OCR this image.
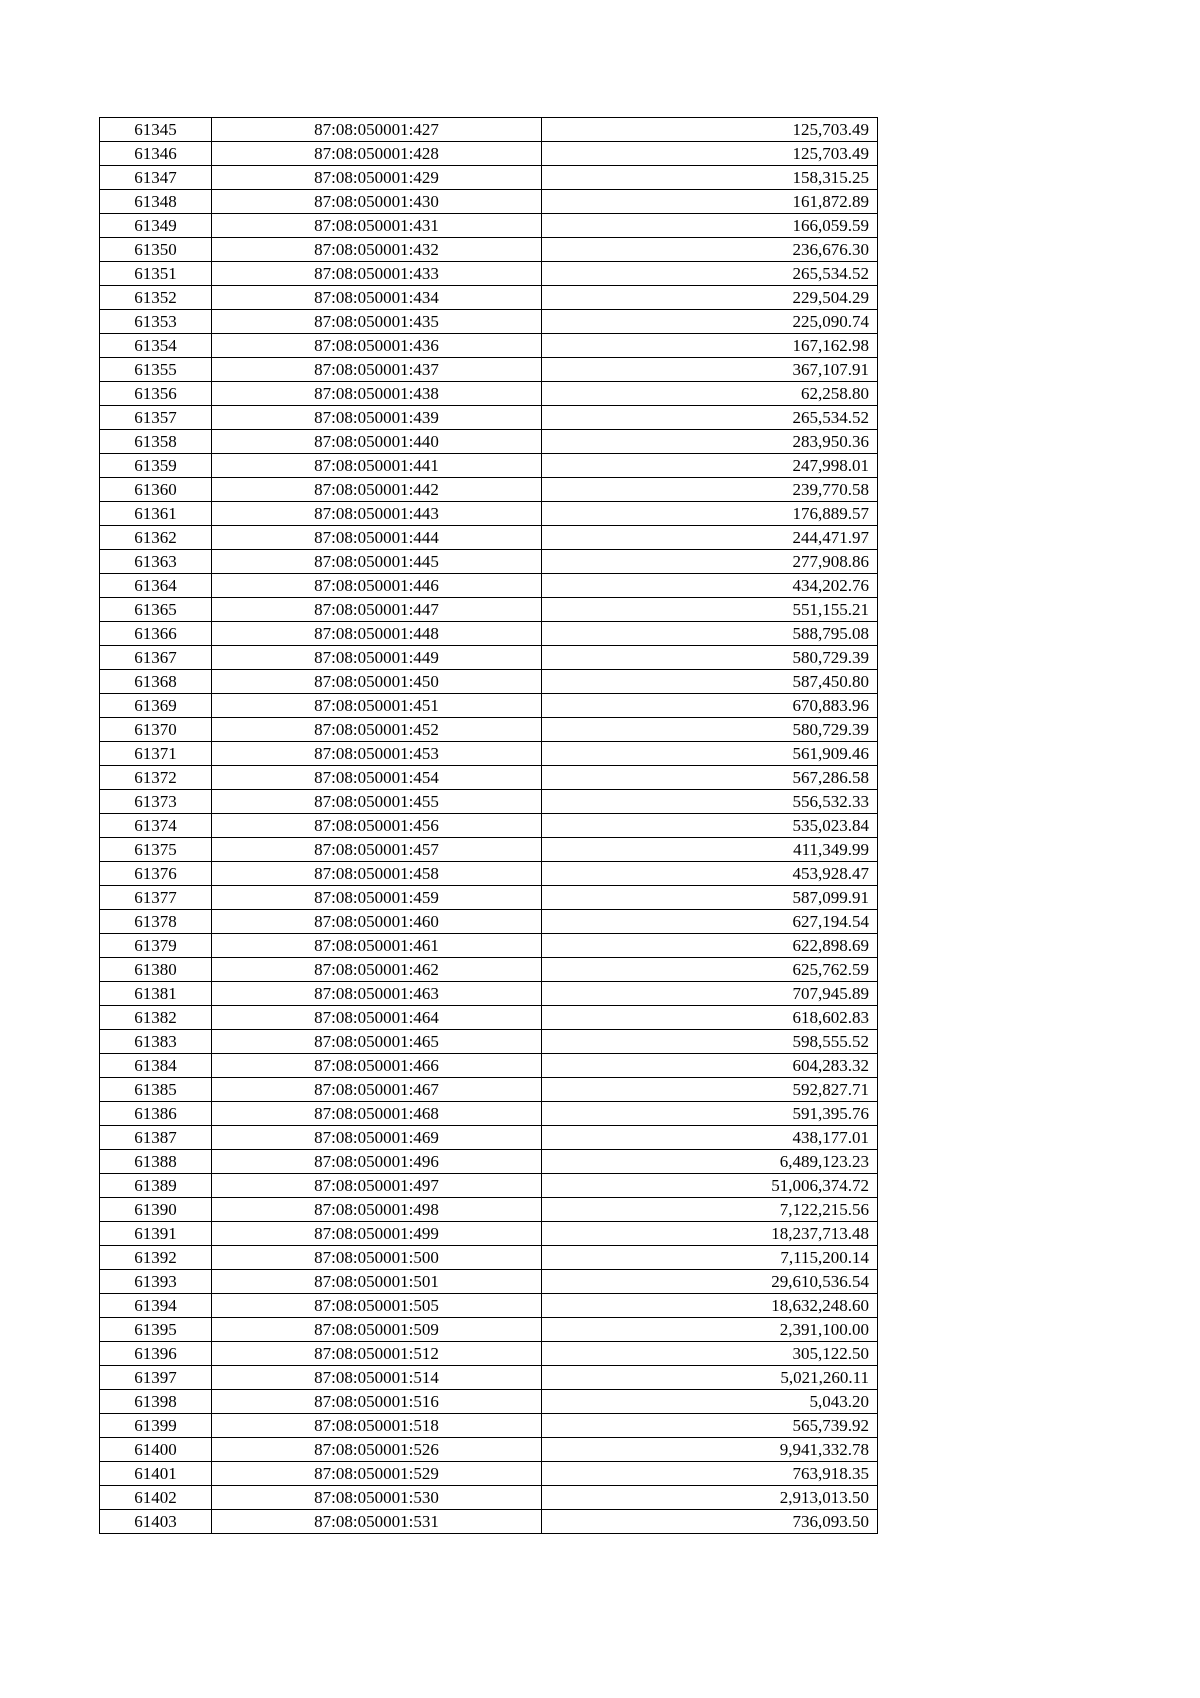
61345	87:08:050001:427	125,703.49
61346	87:08:050001:428	125,703.49
61347	87:08:050001:429	158,315.25
61348	87:08:050001:430	161,872.89
61349	87:08:050001:431	166,059.59
61350	87:08:050001:432	236,676.30
61351	87:08:050001:433	265,534.52
61352	87:08:050001:434	229,504.29
61353	87:08:050001:435	225,090.74
61354	87:08:050001:436	167,162.98
61355	87:08:050001:437	367,107.91
61356	87:08:050001:438	62,258.80
61357	87:08:050001:439	265,534.52
61358	87:08:050001:440	283,950.36
61359	87:08:050001:441	247,998.01
61360	87:08:050001:442	239,770.58
61361	87:08:050001:443	176,889.57
61362	87:08:050001:444	244,471.97
61363	87:08:050001:445	277,908.86
61364	87:08:050001:446	434,202.76
61365	87:08:050001:447	551,155.21
61366	87:08:050001:448	588,795.08
61367	87:08:050001:449	580,729.39
61368	87:08:050001:450	587,450.80
61369	87:08:050001:451	670,883.96
61370	87:08:050001:452	580,729.39
61371	87:08:050001:453	561,909.46
61372	87:08:050001:454	567,286.58
61373	87:08:050001:455	556,532.33
61374	87:08:050001:456	535,023.84
61375	87:08:050001:457	411,349.99
61376	87:08:050001:458	453,928.47
61377	87:08:050001:459	587,099.91
61378	87:08:050001:460	627,194.54
61379	87:08:050001:461	622,898.69
61380	87:08:050001:462	625,762.59
61381	87:08:050001:463	707,945.89
61382	87:08:050001:464	618,602.83
61383	87:08:050001:465	598,555.52
61384	87:08:050001:466	604,283.32
61385	87:08:050001:467	592,827.71
61386	87:08:050001:468	591,395.76
61387	87:08:050001:469	438,177.01
61388	87:08:050001:496	6,489,123.23
61389	87:08:050001:497	51,006,374.72
61390	87:08:050001:498	7,122,215.56
61391	87:08:050001:499	18,237,713.48
61392	87:08:050001:500	7,115,200.14
61393	87:08:050001:501	29,610,536.54
61394	87:08:050001:505	18,632,248.60
61395	87:08:050001:509	2,391,100.00
61396	87:08:050001:512	305,122.50
61397	87:08:050001:514	5,021,260.11
61398	87:08:050001:516	5,043.20
61399	87:08:050001:518	565,739.92
61400	87:08:050001:526	9,941,332.78
61401	87:08:050001:529	763,918.35
61402	87:08:050001:530	2,913,013.50
61403	87:08:050001:531	736,093.50
